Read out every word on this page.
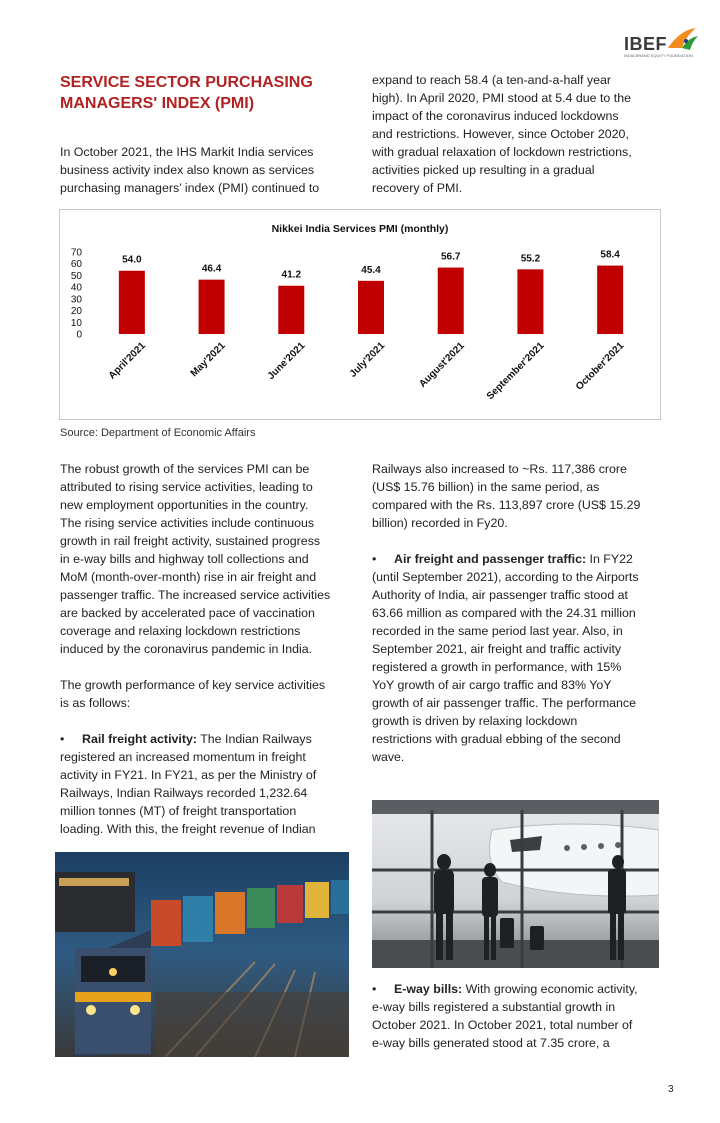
IBEF
INDIA BRAND EQUITY FOUNDATION
SERVICE SECTOR PURCHASING
MANAGERS' INDEX (PMI)
In October 2021, the IHS Markit India services
business activity index also known as services
purchasing managers’ index (PMI) continued to
expand to reach 58.4 (a ten-and-a-half year
high). In April 2020, PMI stood at 5.4 due to the
impact of the coronavirus induced lockdowns
and restrictions. However, since October 2020,
with gradual relaxation of lockdown restrictions,
activities picked up resulting in a gradual
recovery of PMI.
Nikkei India Services PMI (monthly)
0
10
20
30
40
50
60
70
54.0
46.4
41.2	45.4
56.7	55.2	58.4
April'2021	May'2021	June'2021	July'2021	August'2021 September'2021	October'2021
Source: Department of Economic Affairs
The robust growth of the services PMI can be
attributed to rising service activities, leading to
new employment opportunities in the country.
The rising service activities include continuous
growth in rail freight activity, sustained progress
in e-way bills and highway toll collections and
MoM (month-over-month) rise in air freight and
passenger traffic. The increased service activities
are backed by accelerated pace of vaccination
coverage and relaxing lockdown restrictions
induced by the coronavirus pandemic in India.
The growth performance of key service activities
is as follows:
• Rail freight activity: The Indian Railways
registered an increased momentum in freight
activity in FY21. In FY21, as per the Ministry of
Railways, Indian Railways recorded 1,232.64
million tonnes (MT) of freight transportation
loading. With this, the freight revenue of Indian
Railways also increased to ~Rs. 117,386 crore
(US$ 15.76 billion) in the same period, as
compared with the Rs. 113,897 crore (US$ 15.29
billion) recorded in Fy20.
• Air freight and passenger traffic: In FY22
(until September 2021), according to the Airports
Authority of India, air passenger traffic stood at
63.66 million as compared with the 24.31 million
recorded in the same period last year. Also, in
September 2021, air freight and traffic activity
registered a growth in performance, with 15%
YoY growth of air cargo traffic and 83% YoY
growth of air passenger traffic. The performance
growth is driven by relaxing lockdown
restrictions with gradual ebbing of the second
wave.
• E-way bills: With growing economic activity,
e-way bills registered a substantial growth in
October 2021. In October 2021, total number of
e-way bills generated stood at 7.35 crore, a
3
